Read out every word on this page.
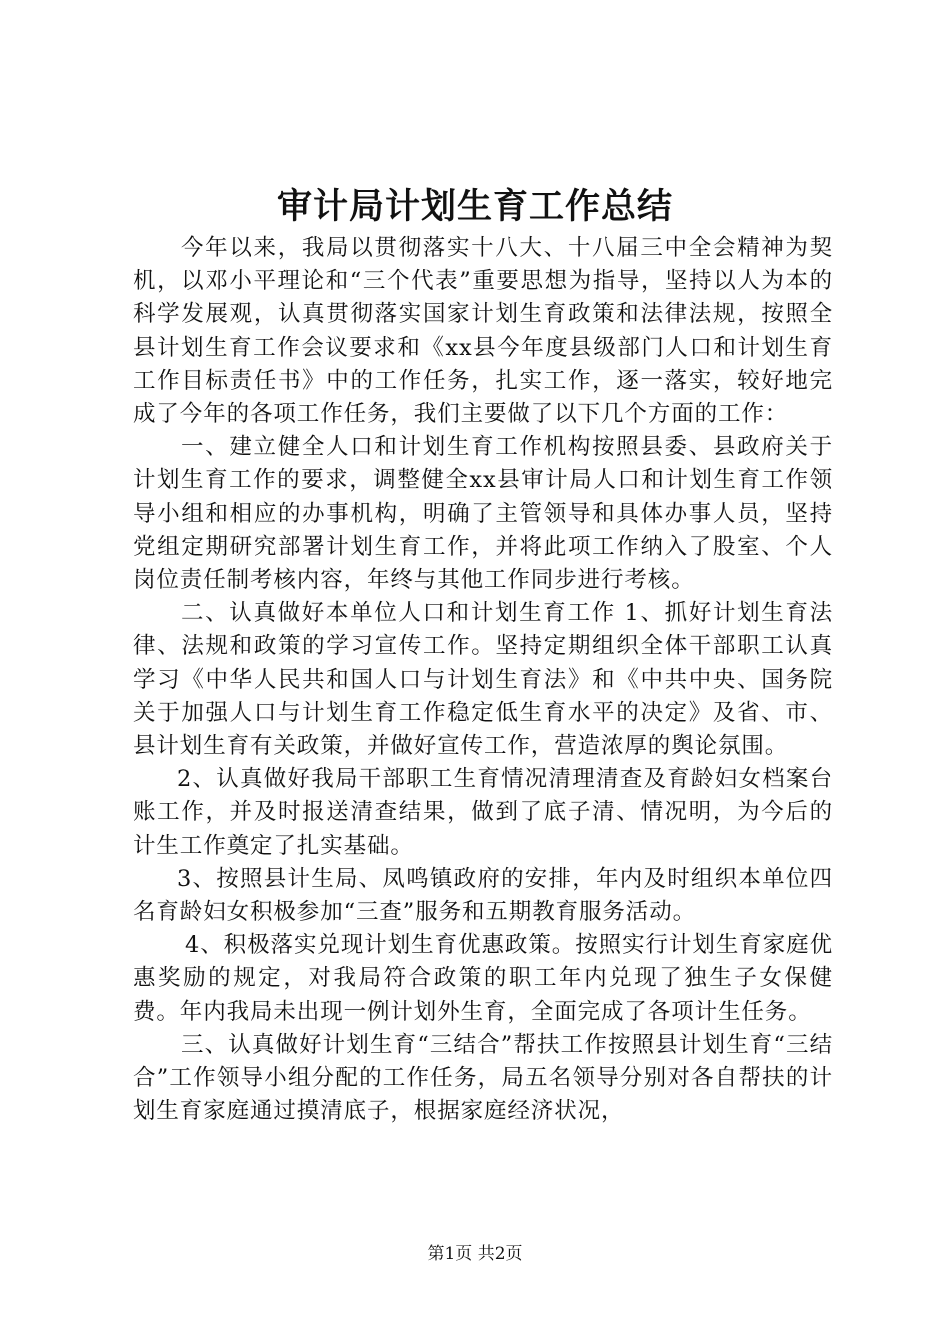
审计局计划生育工作总结

今年以来，我局以贯彻落实十八大、十八届三中全会精神为契机，以邓小平理论和“三个代表”重要思想为指导，坚持以人为本的科学发展观，认真贯彻落实国家计划生育政策和法律法规，按照全县计划生育工作会议要求和《xx县今年度县级部门人口和计划生育工作目标责任书》中的工作任务，扎实工作，逐一落实，较好地完成了今年的各项工作任务，我们主要做了以下几个方面的工作：

一、建立健全人口和计划生育工作机构按照县委、县政府关于计划生育工作的要求，调整健全xx县审计局人口和计划生育工作领导小组和相应的办事机构，明确了主管领导和具体办事人员，坚持党组定期研究部署计划生育工作，并将此项工作纳入了股室、个人岗位责任制考核内容，年终与其他工作同步进行考核。

二、认真做好本单位人口和计划生育工作 1、抓好计划生育法律、法规和政策的学习宣传工作。坚持定期组织全体干部职工认真学习《中华人民共和国人口与计划生育法》和《中共中央、国务院关于加强人口与计划生育工作稳定低生育水平的决定》及省、市、县计划生育有关政策，并做好宣传工作，营造浓厚的舆论氛围。

2、认真做好我局干部职工生育情况清理清查及育龄妇女档案台账工作，并及时报送清查结果，做到了底子清、情况明，为今后的计生工作奠定了扎实基础。

3、按照县计生局、凤鸣镇政府的安排，年内及时组织本单位四名育龄妇女积极参加“三查”服务和五期教育服务活动。

4、积极落实兑现计划生育优惠政策。按照实行计划生育家庭优惠奖励的规定，对我局符合政策的职工年内兑现了独生子女保健费。年内我局未出现一例计划外生育，全面完成了各项计生任务。

三、认真做好计划生育“三结合”帮扶工作按照县计划生育“三结合”工作领导小组分配的工作任务，局五名领导分别对各自帮扶的计划生育家庭通过摸清底子，根据家庭经济状况，

第1页 共2页
